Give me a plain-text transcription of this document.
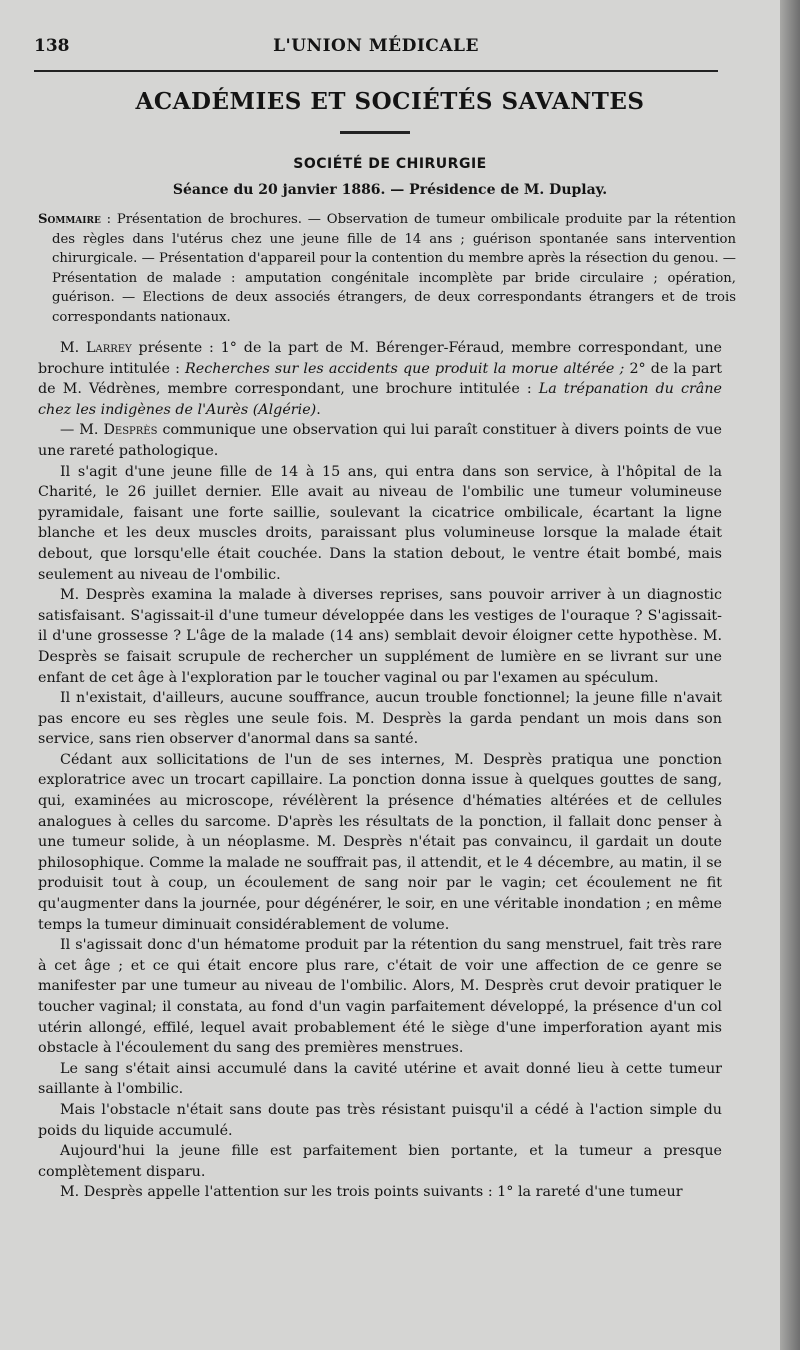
138	L'UNION MÉDICALE
ACADÉMIES ET SOCIÉTÉS SAVANTES
SOCIÉTÉ DE CHIRURGIE
Séance du 20 janvier 1886. — Présidence de M. Duplay.
Sommaire : Présentation de brochures. — Observation de tumeur ombilicale produite par la rétention des règles dans l'utérus chez une jeune fille de 14 ans ; guérison spontanée sans intervention chirurgicale. — Présentation d'appareil pour la contention du membre après la résection du genou. — Présentation de malade : amputation congénitale incomplète par bride circulaire ; opération, guérison. — Elections de deux associés étrangers, de deux correspondants étrangers et de trois correspondants nationaux.

M. Larrey présente : 1° de la part de M. Bérenger-Féraud, membre correspondant, une brochure intitulée : Recherches sur les accidents que produit la morue altérée ; 2° de la part de M. Védrènes, membre correspondant, une brochure intitulée : La trépanation du crâne chez les indigènes de l'Aurès (Algérie).

— M. Desprès communique une observation qui lui paraît constituer à divers points de vue une rareté pathologique.

Il s'agit d'une jeune fille de 14 à 15 ans, qui entra dans son service, à l'hôpital de la Charité, le 26 juillet dernier. Elle avait au niveau de l'ombilic une tumeur volumineuse pyramidale, faisant une forte saillie, soulevant la cicatrice ombilicale, écartant la ligne blanche et les deux muscles droits, paraissant plus volumineuse lorsque la malade était debout, que lorsqu'elle était couchée. Dans la station debout, le ventre était bombé, mais seulement au niveau de l'ombilic.

M. Desprès examina la malade à diverses reprises, sans pouvoir arriver à un diagnostic satisfaisant. S'agissait-il d'une tumeur développée dans les vestiges de l'ouraque ? S'agissait-il d'une grossesse ? L'âge de la malade (14 ans) semblait devoir éloigner cette hypothèse. M. Desprès se faisait scrupule de rechercher un supplément de lumière en se livrant sur une enfant de cet âge à l'exploration par le toucher vaginal ou par l'examen au spéculum.

Il n'existait, d'ailleurs, aucune souffrance, aucun trouble fonctionnel; la jeune fille n'avait pas encore eu ses règles une seule fois. M. Desprès la garda pendant un mois dans son service, sans rien observer d'anormal dans sa santé.

Cédant aux sollicitations de l'un de ses internes, M. Desprès pratiqua une ponction exploratrice avec un trocart capillaire. La ponction donna issue à quelques gouttes de sang, qui, examinées au microscope, révélèrent la présence d'hématies altérées et de cellules analogues à celles du sarcome. D'après les résultats de la ponction, il fallait donc penser à une tumeur solide, à un néoplasme. M. Desprès n'était pas convaincu, il gardait un doute philosophique. Comme la malade ne souffrait pas, il attendit, et le 4 décembre, au matin, il se produisit tout à coup, un écoulement de sang noir par le vagin; cet écoulement ne fit qu'augmenter dans la journée, pour dégénérer, le soir, en une véritable inondation ; en même temps la tumeur diminuait considérablement de volume.

Il s'agissait donc d'un hématome produit par la rétention du sang menstruel, fait très rare à cet âge ; et ce qui était encore plus rare, c'était de voir une affection de ce genre se manifester par une tumeur au niveau de l'ombilic. Alors, M. Desprès crut devoir pratiquer le toucher vaginal; il constata, au fond d'un vagin parfaitement développé, la présence d'un col utérin allongé, effilé, lequel avait probablement été le siège d'une imperforation ayant mis obstacle à l'écoulement du sang des premières menstrues.

Le sang s'était ainsi accumulé dans la cavité utérine et avait donné lieu à cette tumeur saillante à l'ombilic.

Mais l'obstacle n'était sans doute pas très résistant puisqu'il a cédé à l'action simple du poids du liquide accumulé.

Aujourd'hui la jeune fille est parfaitement bien portante, et la tumeur a presque complètement disparu.

M. Desprès appelle l'attention sur les trois points suivants : 1° la rareté d'une tumeur
